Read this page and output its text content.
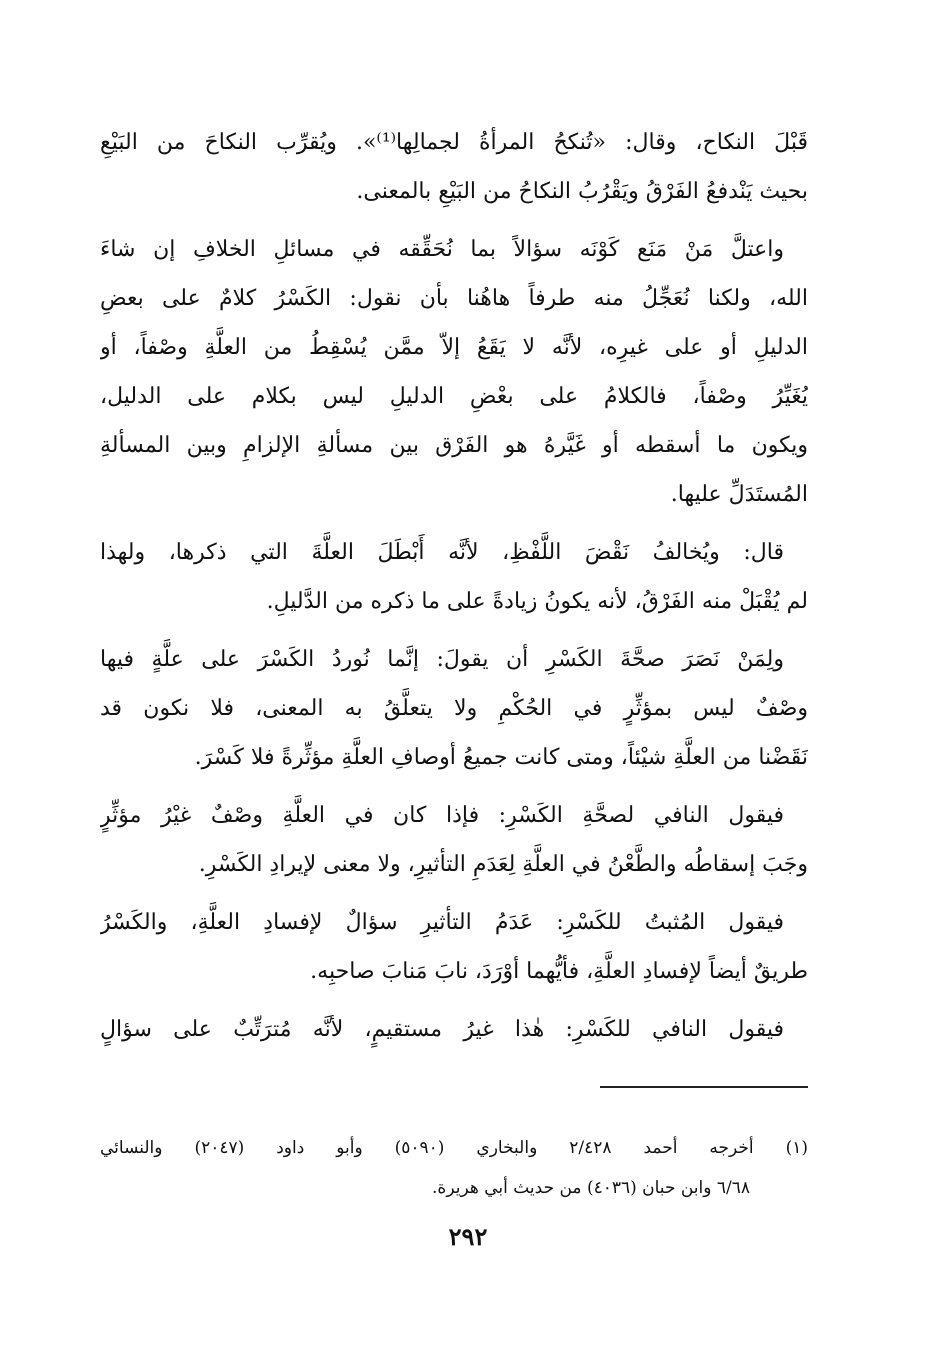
قَبْلَ النكاح، وقال: «تُنكحُ المرأةُ لجمالِها⁽¹⁾». ويُقرِّب النكاحَ من البَيْعِ
بحيث يَنْدفعُ الفَرْقُ ويَقْرُبُ النكاحُ من البَيْعِ بالمعنى.
واعتلَّ مَنْ مَنَع كَوْنَه سؤالاً بما نُحَقِّقه في مسائلِ الخلافِ إن شاءَ
الله، ولكنا نُعَجِّلُ منه طرفاً هاهُنا بأن نقول: الكَسْرُ كلامٌ على بعضِ
الدليلِ أو على غيرِه، لأنَّه لا يَقَعُ إلاّ ممَّن يُسْقِطُ من العلَّةِ وصْفاً، أو
يُغَيِّرُ وصْفاً، فالكلامُ على بعْضِ الدليلِ ليس بكلام على الدليل،
ويكون ما أسقطه أو غَيَّرهُ هو الفَرْق بين مسألةِ الإلزامِ وبين المسألةِ
المُستَدَلِّ عليها.
قال: ويُخالفُ نَقْضَ اللَّفْظِ، لأنَّه أَبْطَلَ العلَّةَ التي ذكرها، ولهذا
لم يُقْبَلْ منه الفَرْقُ، لأنه يكونُ زيادةً على ما ذكره من الدَّليلِ.
ولِمَنْ نَصَرَ صحَّةَ الكَسْرِ أن يقولَ: إنَّما نُوردُ الكَسْرَ على علَّةٍ فيها
وصْفٌ ليس بمؤثِّرٍ في الحُكْمِ ولا يتعلَّقُ به المعنى، فلا نكون قد
نَقَضْنا من العلَّةِ شيْئاً، ومتى كانت جميعُ أوصافِ العلَّةِ مؤثِّرةً فلا كَسْرَ.
فيقول النافي لصحَّةِ الكَسْرِ: فإذا كان في العلَّةِ وصْفٌ غيْرُ مؤثِّرٍ
وجَبَ إسقاطُه والطَّعْنُ في العلَّةِ لِعَدَمِ التأثيرِ، ولا معنى لإيرادِ الكَسْرِ.
فيقول المُثبتُ للكَسْرِ: عَدَمُ التأثيرِ سؤالٌ لإفسادِ العلَّةِ، والكَسْرُ
طريقٌ أيضاً لإفسادِ العلَّةِ، فأيُّهما أوْرَدَ، نابَ مَنابَ صاحبِه.
فيقول النافي للكَسْرِ: هٰذا غيرُ مستقيمٍ، لأنَّه مُترَتِّبٌ على سؤالٍ
(١) أخرجه أحمد ٢/٤٢٨ والبخاري (٥٠٩٠) وأبو داود (٢٠٤٧) والنسائي
٦/٦٨ وابن حبان (٤٠٣٦) من حديث أبي هريرة.
٢٩٢
